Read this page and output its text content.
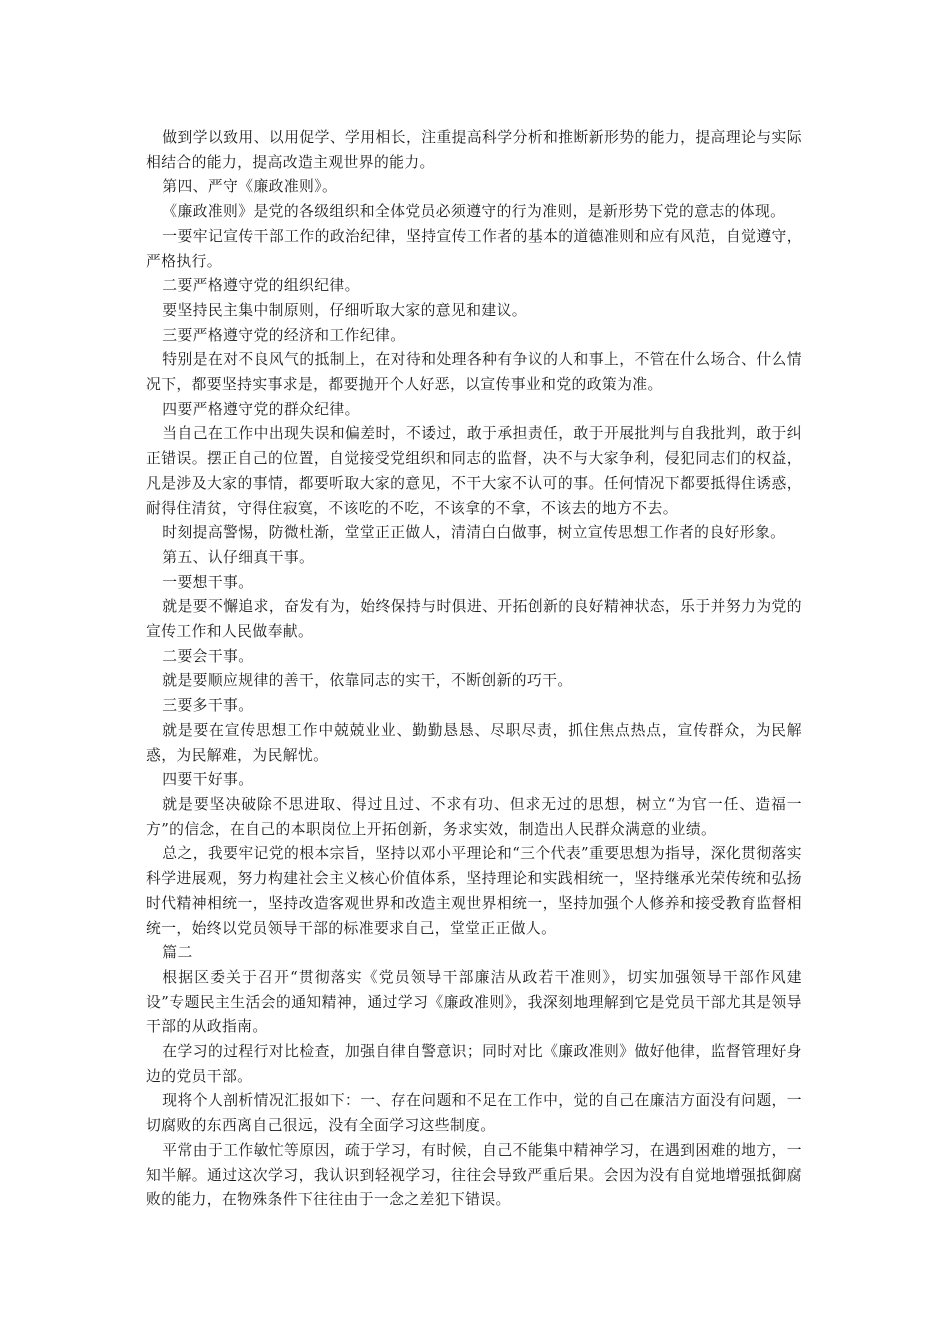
做到学以致用、以用促学、学用相长，注重提高科学分析和推断新形势的能力，提高理论与实际相结合的能力，提高改造主观世界的能力。

第四、严守《廉政准则》。

《廉政准则》是党的各级组织和全体党员必须遵守的行为准则，是新形势下党的意志的体现。

一要牢记宣传干部工作的政治纪律，坚持宣传工作者的基本的道德准则和应有风范，自觉遵守，严格执行。

二要严格遵守党的组织纪律。

要坚持民主集中制原则，仔细听取大家的意见和建议。

三要严格遵守党的经济和工作纪律。

特别是在对不良风气的抵制上，在对待和处理各种有争议的人和事上，不管在什么场合、什么情况下，都要坚持实事求是，都要抛开个人好恶，以宣传事业和党的政策为准。

四要严格遵守党的群众纪律。

当自己在工作中出现失误和偏差时，不诿过，敢于承担责任，敢于开展批判与自我批判，敢于纠正错误。摆正自己的位置，自觉接受党组织和同志的监督，决不与大家争利，侵犯同志们的权益，凡是涉及大家的事情，都要听取大家的意见，不干大家不认可的事。任何情况下都要抵得住诱惑，耐得住清贫，守得住寂寞，不该吃的不吃，不该拿的不拿，不该去的地方不去。

时刻提高警惕，防微杜渐，堂堂正正做人，清清白白做事，树立宣传思想工作者的良好形象。

第五、认仔细真干事。

一要想干事。

就是要不懈追求，奋发有为，始终保持与时俱进、开拓创新的良好精神状态，乐于并努力为党的宣传工作和人民做奉献。

二要会干事。

就是要顺应规律的善干，依靠同志的实干，不断创新的巧干。

三要多干事。

就是要在宣传思想工作中兢兢业业、勤勤恳恳、尽职尽责，抓住焦点热点，宣传群众，为民解惑，为民解难，为民解忧。

四要干好事。

就是要坚决破除不思进取、得过且过、不求有功、但求无过的思想，树立“为官一任、造福一方”的信念，在自己的本职岗位上开拓创新，务求实效，制造出人民群众满意的业绩。

总之，我要牢记党的根本宗旨，坚持以邓小平理论和“三个代表”重要思想为指导，深化贯彻落实科学进展观，努力构建社会主义核心价值体系，坚持理论和实践相统一，坚持继承光荣传统和弘扬时代精神相统一，坚持改造客观世界和改造主观世界相统一，坚持加强个人修养和接受教育监督相统一，始终以党员领导干部的标准要求自己，堂堂正正做人。

篇二

根据区委关于召开“贯彻落实《党员领导干部廉洁从政若干准则》，切实加强领导干部作风建设”专题民主生活会的通知精神，通过学习《廉政准则》，我深刻地理解到它是党员干部尤其是领导干部的从政指南。

在学习的过程行对比检查，加强自律自警意识；同时对比《廉政准则》做好他律，监督管理好身边的党员干部。

现将个人剖析情况汇报如下：一、存在问题和不足在工作中，觉的自己在廉洁方面没有问题，一切腐败的东西离自己很远，没有全面学习这些制度。

平常由于工作敏忙等原因，疏于学习，有时候，自己不能集中精神学习，在遇到困难的地方，一知半解。通过这次学习，我认识到轻视学习，往往会导致严重后果。会因为没有自觉地增强抵御腐败的能力，在物殊条件下往往由于一念之差犯下错误。
